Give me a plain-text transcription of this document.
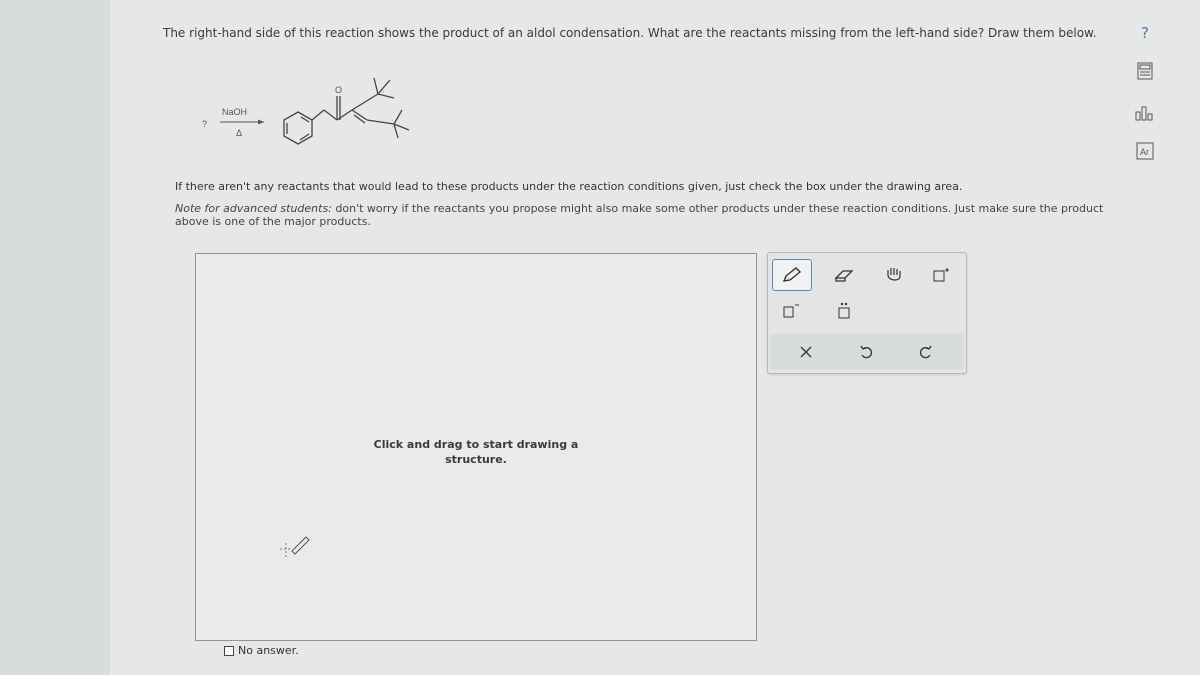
The right-hand side of this reaction shows the product of an aldol condensation. What are the reactants missing from the left-hand side? Draw them below.
?
NaOH
Δ
O
If there aren't any reactants that would lead to these products under the reaction conditions given, just check the box under the drawing area.
Note for advanced students: don't worry if the reactants you propose might also make some other products under these reaction conditions. Just make sure the product above is one of the major products.
Click and drag to start drawing a structure.
No answer.
?
Ar
